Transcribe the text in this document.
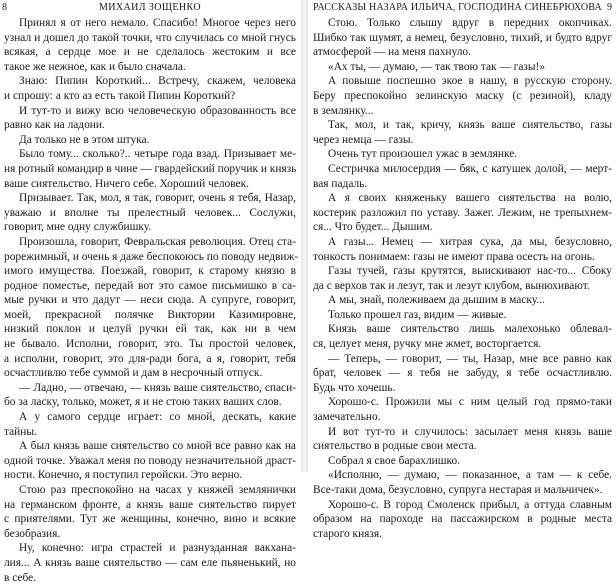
8	МИХАИЛ ЗОЩЕНКО
Принял я от него немало. Спасибо! Многое через него
узнал и дошел до такой точки, что случилась со мной гнусь
всякая, а сердце мое и не сделалось жестоким и все
такое же нежное, как и было сначала.
Знаю: Пипин Короткий... Встречу, скажем, человека
и спрошу: а кто аз есть такой Пипин Короткий?
И тут-то и вижу всю человеческую образованность все
равно как на ладони.
Да только не в этом штука.
Было тому... сколько?.. четыре года взад. Призывает ме-
ня ротный командир в чине — гвардейский поручик и князь
ваше сиятельство. Ничего себе. Хороший человек.
Призывает. Так, мол, я так, говорит, очень я тебя, Назар,
уважаю и вполне ты прелестный человек... Сослужи,
говорит, мне одну службишку.
Произошла, говорит, Февральская революция. Отец ста-
рорежимный, и очень я даже беспокоюсь по поводу недвиж-
имого имущества. Поезжай, говорит, к старому князю в
родное поместье, передай вот это самое письмишко в са-
мые ручки и что дадут — неси сюда. А супруге, говорит,
моей, прекрасной полячке Виктории Казимировне,
низкий поклон и целуй ручки ей так, как ни в чем
не бывало. Исполни, говорит, это. Ты простой человек,
а исполни, говорит, это для-ради бога, а я, говорит, тебя
осчастливлю тебе суммой и дам в несрочный отпуск.
— Ладно, — отвечаю, — князь ваше сиятельство, спаси-
бо за ласку, только, может, я и не стою таких ваших слов.
А у самого сердце играет: со мной, дескать, какие
тайны.
А был князь ваше сиятельство со мной все равно как на
одной точке. Уважал меня по поводу незначительной драст-
ности. Конечно, я поступил геройски. Это верно.
Стою раз преспокойно на часах у княжей землянички
на германском фронте, а князь ваше сиятельство пирует
с приятелями. Тут же женщины, конечно, вино и всякие
безобразия.
Ну, конечно: игра страстей и разнузданная вакхана-
лия... А князь ваше сиятельство — сам еле пьяненький, но
в себе.
РАССКАЗЫ НАЗАРА ИЛЬИЧА, ГОСПОДИНА СИНЕБРЮХОВА 9
Стою. Только слышу вдруг в передних окопчиках.
Шибко так шумят, а немец, безусловно, тихий, и будто вдруг
атмосферой — на меня пахнуло.
«Ах ты, — думаю, — так твою так — газы!»
А повыше поспешно экое в нашу, в русскую сторону.
Беру преспокойно зелинскую маску (с резиной), кладу
в землянку...
Так, мол, и так, кричу, князь ваше сиятельство, газы
через немца — газы.
Очень тут произошел ужас в землянке.
Сестричка милосердия — бяк, с катушек долой, — мерт-
вая падаль.
А я своих княженьку вашего сиятельства на волю,
костерик разложил по уставу. Зажег. Лежим, не трепыхнем-
ся... Что будет... Дышим.
А газы... Немец — хитрая сука, да мы, безусловно,
тонкость понимаем: газы не имеют права осесть на огонь.
Газы тучей, газы крутятся, выискивают нас-то... Сбоку
да с верхов так и лезут, так и лезут клубом, вынюхивают.
А мы, знай, полеживаем да дышим в маску...
Только прошел газ, видим — живые.
Князь ваше сиятельство лишь малехонько облевал-
ся, целует меня, ручку мне жмет, восторгается.
— Теперь, — говорит, — ты, Назар, мне все равно как
брат, человек — я тебя не забуду, я тебе осчастливлю.
Будь что хочешь.
Хорошо-с. Прожили мы с ним целый год прямо-таки
замечательно.
И вот тут-то и случилось: засылает меня князь ваше
сиятельство в родные свои места.
Собрал я свое барахлишко.
«Исполню, — думаю, — показанное, а там — к себе.
Все-таки дома, безусловно, супруга нестарая и мальчичек».
Хорошо-с. В город Смоленск прибыл, а оттуда славным
образом на пароходе на пассажирском в родные места
старого князя.
